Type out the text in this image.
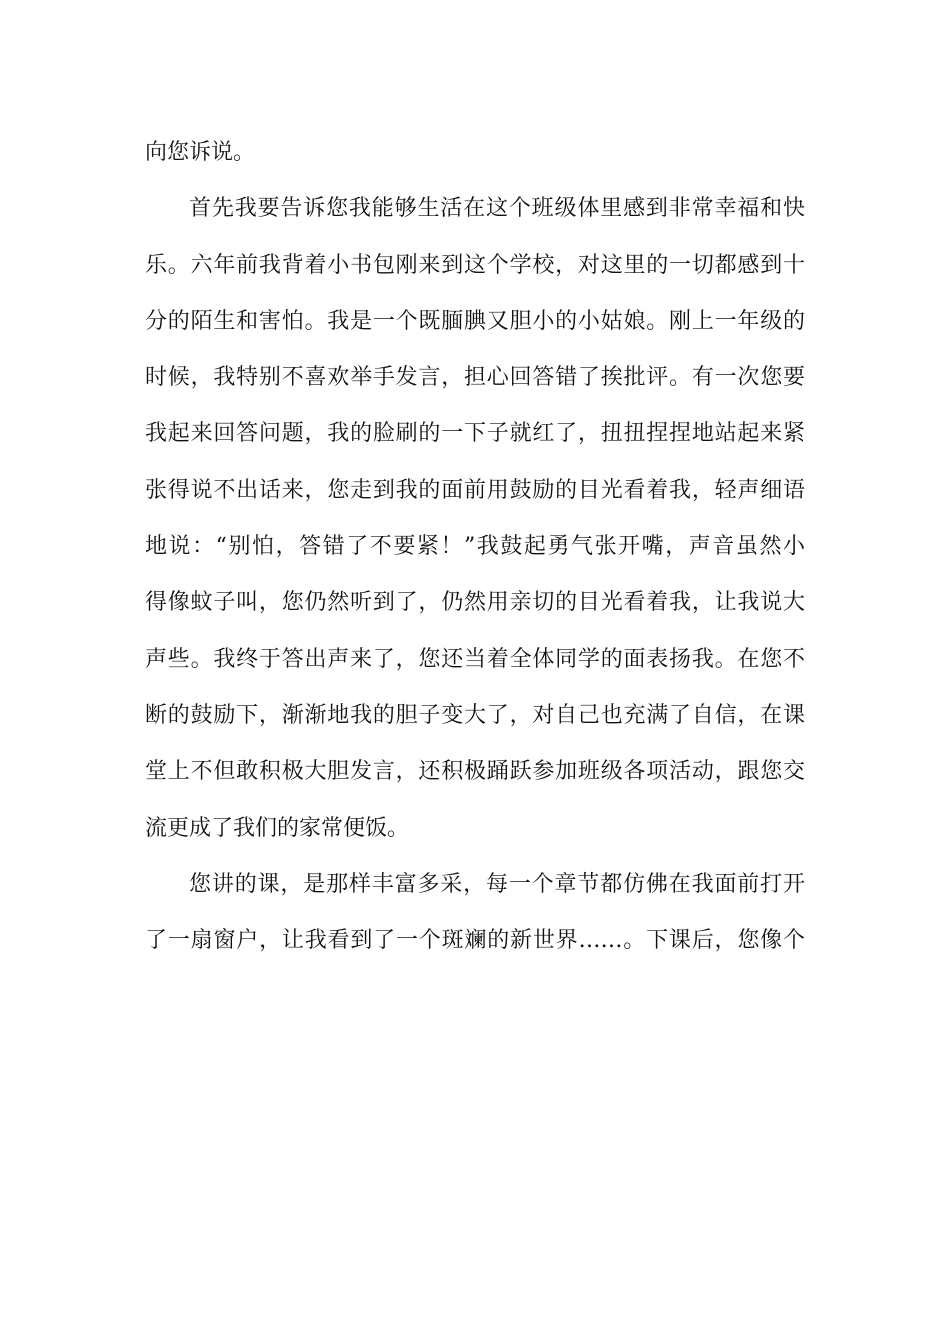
向您诉说。
首先我要告诉您我能够生活在这个班级体里感到非常幸福和快
乐。六年前我背着小书包刚来到这个学校，对这里的一切都感到十
分的陌生和害怕。我是一个既腼腆又胆小的小姑娘。刚上一年级的
时候，我特别不喜欢举手发言，担心回答错了挨批评。有一次您要
我起来回答问题，我的脸刷的一下子就红了，扭扭捏捏地站起来紧
张得说不出话来，您走到我的面前用鼓励的目光看着我，轻声细语
地说：“别怕，答错了不要紧！”我鼓起勇气张开嘴，声音虽然小
得像蚊子叫，您仍然听到了，仍然用亲切的目光看着我，让我说大
声些。我终于答出声来了，您还当着全体同学的面表扬我。在您不
断的鼓励下，渐渐地我的胆子变大了，对自己也充满了自信，在课
堂上不但敢积极大胆发言，还积极踊跃参加班级各项活动，跟您交
流更成了我们的家常便饭。
您讲的课，是那样丰富多采，每一个章节都仿佛在我面前打开
了一扇窗户，让我看到了一个斑斓的新世界……。下课后，您像个
